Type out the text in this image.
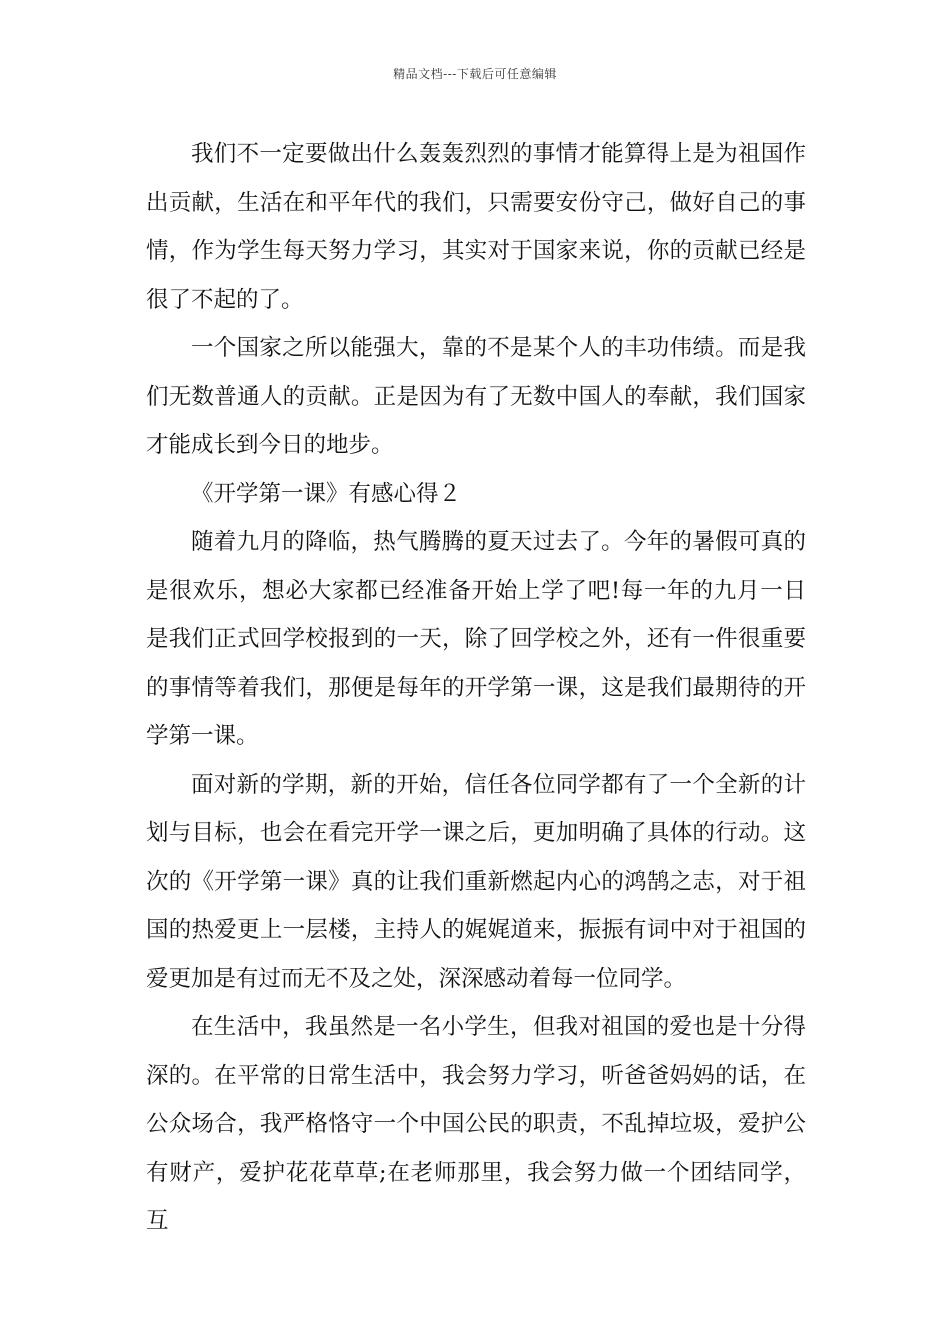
精品文档---下载后可任意编辑

我们不一定要做出什么轰轰烈烈的事情才能算得上是为祖国作出贡献，生活在和平年代的我们，只需要安份守己，做好自己的事情，作为学生每天努力学习，其实对于国家来说，你的贡献已经是很了不起的了。

一个国家之所以能强大，靠的不是某个人的丰功伟绩。而是我们无数普通人的贡献。正是因为有了无数中国人的奉献，我们国家才能成长到今日的地步。

《开学第一课》有感心得２

随着九月的降临，热气腾腾的夏天过去了。今年的暑假可真的是很欢乐，想必大家都已经准备开始上学了吧!每一年的九月一日是我们正式回学校报到的一天，除了回学校之外，还有一件很重要的事情等着我们，那便是每年的开学第一课，这是我们最期待的开学第一课。

面对新的学期，新的开始，信任各位同学都有了一个全新的计划与目标，也会在看完开学一课之后，更加明确了具体的行动。这次的《开学第一课》真的让我们重新燃起内心的鸿鹄之志，对于祖国的热爱更上一层楼，主持人的娓娓道来，振振有词中对于祖国的爱更加是有过而无不及之处，深深感动着每一位同学。

在生活中，我虽然是一名小学生，但我对祖国的爱也是十分得深的。在平常的日常生活中，我会努力学习，听爸爸妈妈的话，在公众场合，我严格恪守一个中国公民的职责，不乱掉垃圾，爱护公有财产，爱护花花草草;在老师那里，我会努力做一个团结同学，互
